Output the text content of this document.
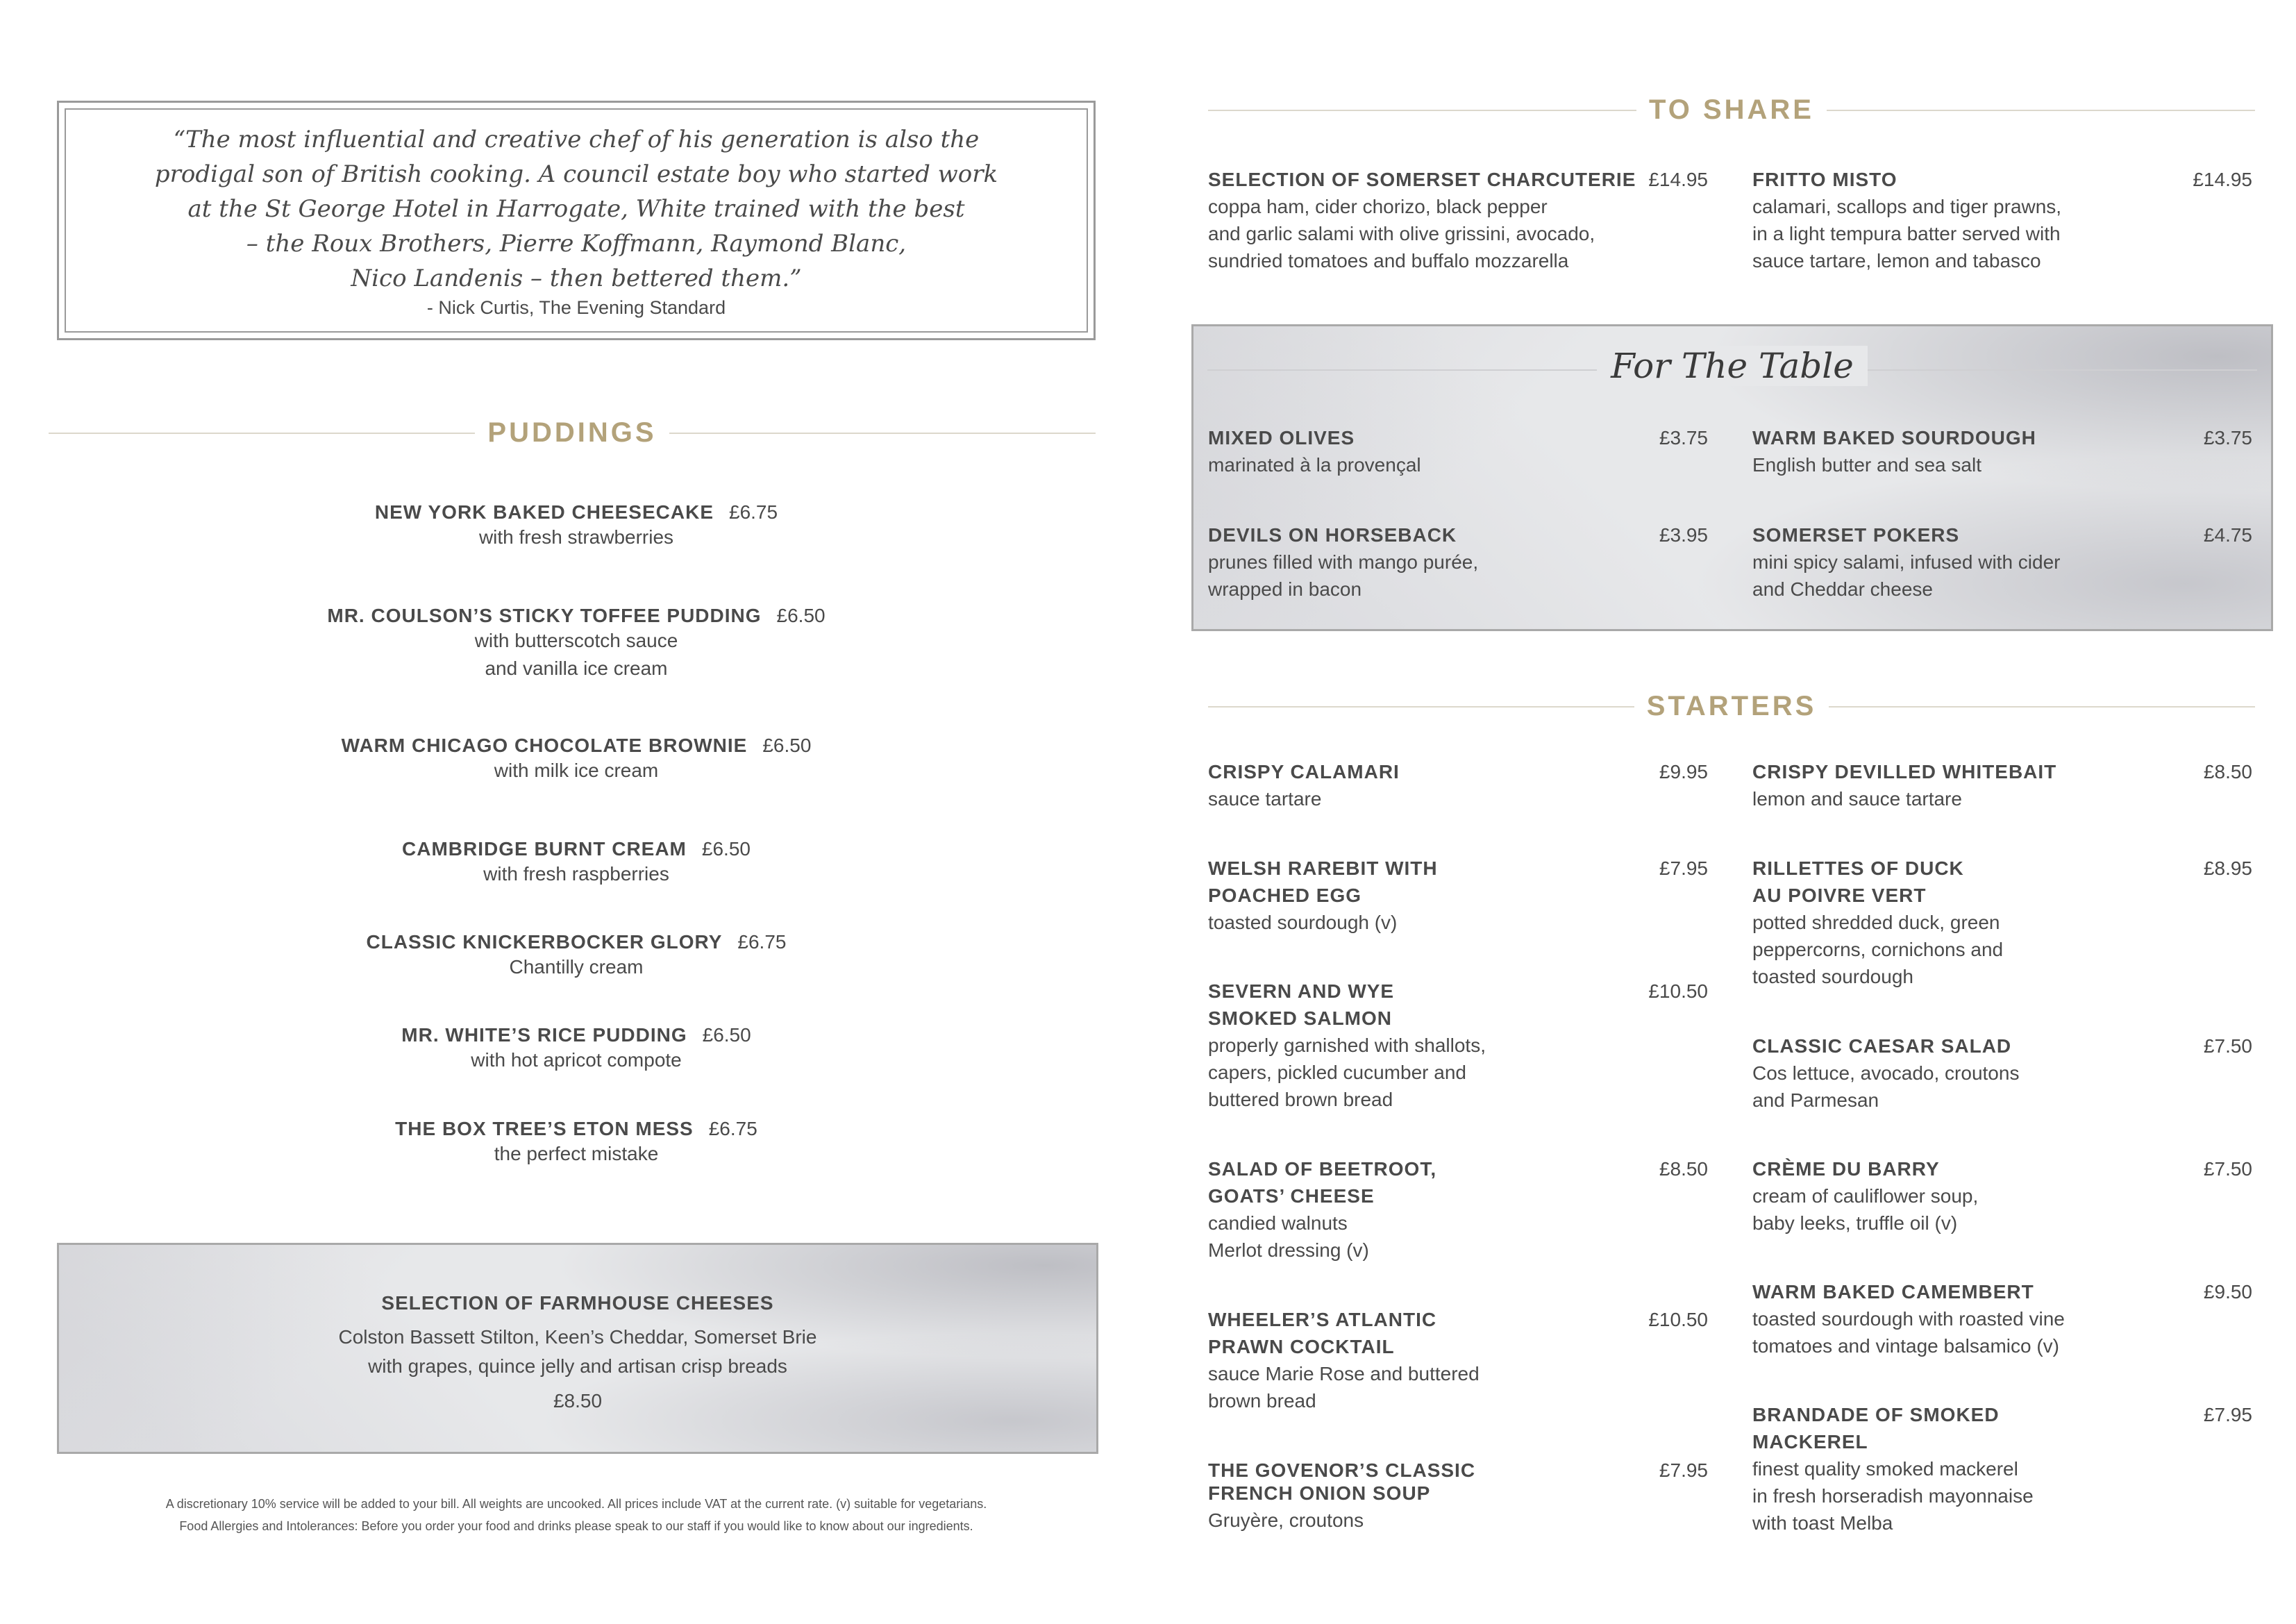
“The most influential and creative chef of his generation is also the
prodigal son of British cooking. A council estate boy who started work
at the St George Hotel in Harrogate, White trained with the best
– the Roux Brothers, Pierre Koffmann, Raymond Blanc,
Nico Landenis – then bettered them.”
- Nick Curtis, The Evening Standard
PUDDINGS
NEW YORK BAKED CHEESECAKE £6.75
with fresh strawberries
MR. COULSON’S STICKY TOFFEE PUDDING £6.50
with butterscotch sauce
and vanilla ice cream
WARM CHICAGO CHOCOLATE BROWNIE £6.50
with milk ice cream
CAMBRIDGE BURNT CREAM £6.50
with fresh raspberries
CLASSIC KNICKERBOCKER GLORY £6.75
Chantilly cream
MR. WHITE’S RICE PUDDING £6.50
with hot apricot compote
THE BOX TREE’S ETON MESS £6.75
the perfect mistake
SELECTION OF FARMHOUSE CHEESES
Colston Bassett Stilton, Keen’s Cheddar, Somerset Brie
with grapes, quince jelly and artisan crisp breads
£8.50
A discretionary 10% service will be added to your bill. All weights are uncooked. All prices include VAT at the current rate. (v) suitable for vegetarians.
Food Allergies and Intolerances: Before you order your food and drinks please speak to our staff if you would like to know about our ingredients.
TO SHARE
SELECTION OF SOMERSET CHARCUTERIE £14.95
coppa ham, cider chorizo, black pepper
and garlic salami with olive grissini, avocado,
sundried tomatoes and buffalo mozzarella
FRITTO MISTO	£14.95
calamari, scallops and tiger prawns,
in a light tempura batter served with
sauce tartare, lemon and tabasco
For The Table
MIXED OLIVES	£3.75
marinated à la provençal
WARM BAKED SOURDOUGH	£3.75
English butter and sea salt
DEVILS ON HORSEBACK	£3.95
prunes filled with mango purée,
wrapped in bacon
SOMERSET POKERS	£4.75
mini spicy salami, infused with cider
and Cheddar cheese
STARTERS
CRISPY CALAMARI	£9.95
sauce tartare
WELSH RAREBIT WITH	£7.95
POACHED EGG
toasted sourdough (v)
SEVERN AND WYE	£10.50
SMOKED SALMON
properly garnished with shallots,
capers, pickled cucumber and
buttered brown bread
SALAD OF BEETROOT,	£8.50
GOATS’ CHEESE
candied walnuts
Merlot dressing (v)
WHEELER’S ATLANTIC	£10.50
PRAWN COCKTAIL
sauce Marie Rose and buttered
brown bread
THE GOVENOR’S CLASSIC	£7.95
FRENCH ONION SOUP
Gruyère, croutons
CRISPY DEVILLED WHITEBAIT	£8.50
lemon and sauce tartare
RILLETTES OF DUCK	£8.95
AU POIVRE VERT
potted shredded duck, green
peppercorns, cornichons and
toasted sourdough
CLASSIC CAESAR SALAD	£7.50
Cos lettuce, avocado, croutons
and Parmesan
CRÈME DU BARRY	£7.50
cream of cauliflower soup,
baby leeks, truffle oil (v)
WARM BAKED CAMEMBERT	£9.50
toasted sourdough with roasted vine
tomatoes and vintage balsamico (v)
BRANDADE OF SMOKED	£7.95
MACKEREL
finest quality smoked mackerel
in fresh horseradish mayonnaise
with toast Melba
